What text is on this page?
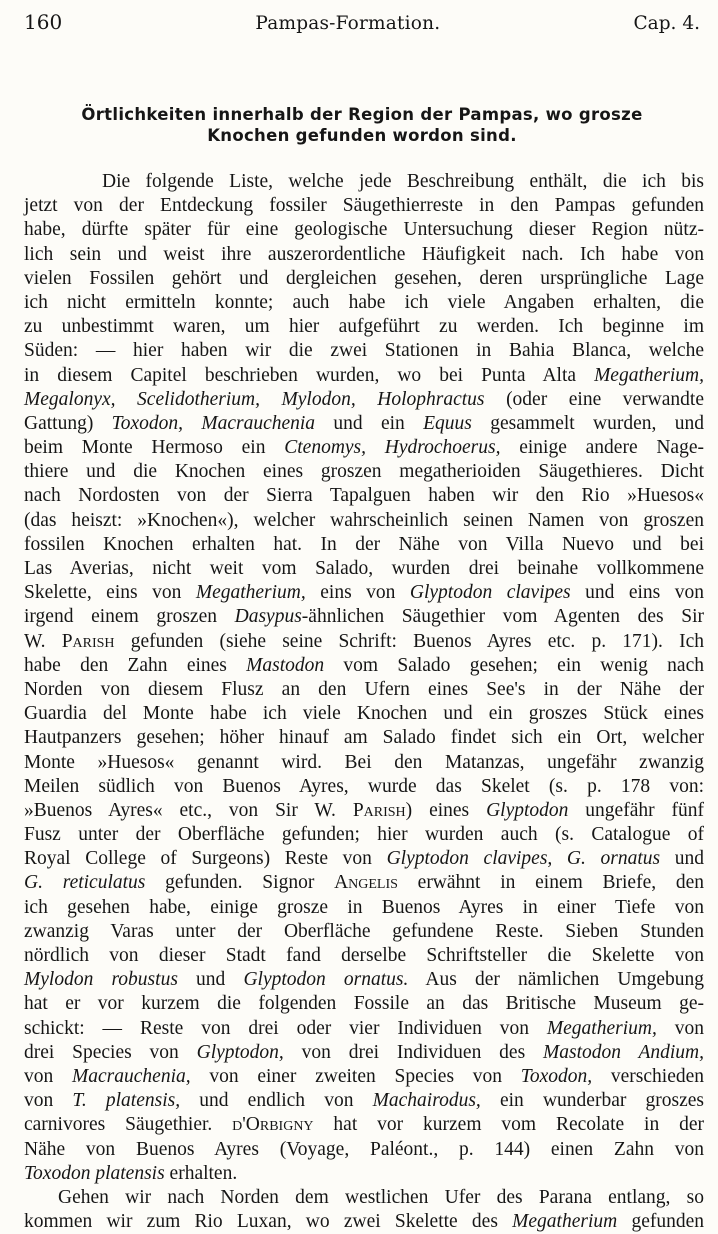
160	Pampas-Formation.	Cap. 4.
Örtlichkeiten innerhalb der Region der Pampas, wo grosze
Knochen gefunden wordon sind.
Die folgende Liste, welche jede Beschreibung enthält, die ich bis
jetzt von der Entdeckung fossiler Säugethierreste in den Pampas gefunden
habe, dürfte später für eine geologische Untersuchung dieser Region nütz-
lich sein und weist ihre auszerordentliche Häufigkeit nach. Ich habe von
vielen Fossilen gehört und dergleichen gesehen, deren ursprüngliche Lage
ich nicht ermitteln konnte; auch habe ich viele Angaben erhalten, die
zu unbestimmt waren, um hier aufgeführt zu werden. Ich beginne im
Süden: — hier haben wir die zwei Stationen in Bahia Blanca, welche
in diesem Capitel beschrieben wurden, wo bei Punta Alta Megatherium,
Megalonyx, Scelidotherium, Mylodon, Holophractus (oder eine verwandte
Gattung) Toxodon, Macrauchenia und ein Equus gesammelt wurden, und
beim Monte Hermoso ein Ctenomys, Hydrochoerus, einige andere Nage-
thiere und die Knochen eines groszen megatherioiden Säugethieres. Dicht
nach Nordosten von der Sierra Tapalguen haben wir den Rio »Huesos«
(das heiszt: »Knochen«), welcher wahrscheinlich seinen Namen von groszen
fossilen Knochen erhalten hat. In der Nähe von Villa Nuevo und bei
Las Averias, nicht weit vom Salado, wurden drei beinahe vollkommene
Skelette, eins von Megatherium, eins von Glyptodon clavipes und eins von
irgend einem groszen Dasypus-ähnlichen Säugethier vom Agenten des Sir
W. Parish gefunden (siehe seine Schrift: Buenos Ayres etc. p. 171). Ich
habe den Zahn eines Mastodon vom Salado gesehen; ein wenig nach
Norden von diesem Flusz an den Ufern eines See's in der Nähe der
Guardia del Monte habe ich viele Knochen und ein groszes Stück eines
Hautpanzers gesehen; höher hinauf am Salado findet sich ein Ort, welcher
Monte »Huesos« genannt wird. Bei den Matanzas, ungefähr zwanzig
Meilen südlich von Buenos Ayres, wurde das Skelet (s. p. 178 von:
»Buenos Ayres« etc., von Sir W. Parish) eines Glyptodon ungefähr fünf
Fusz unter der Oberfläche gefunden; hier wurden auch (s. Catalogue of
Royal College of Surgeons) Reste von Glyptodon clavipes, G. ornatus und
G. reticulatus gefunden. Signor Angelis erwähnt in einem Briefe, den
ich gesehen habe, einige grosze in Buenos Ayres in einer Tiefe von
zwanzig Varas unter der Oberfläche gefundene Reste. Sieben Stunden
nördlich von dieser Stadt fand derselbe Schriftsteller die Skelette von
Mylodon robustus und Glyptodon ornatus. Aus der nämlichen Umgebung
hat er vor kurzem die folgenden Fossile an das Britische Museum ge-
schickt: — Reste von drei oder vier Individuen von Megatherium, von
drei Species von Glyptodon, von drei Individuen des Mastodon Andium,
von Macrauchenia, von einer zweiten Species von Toxodon, verschieden
von T. platensis, und endlich von Machairodus, ein wunderbar groszes
carnivores Säugethier. d'Orbigny hat vor kurzem vom Recolate in der
Nähe von Buenos Ayres (Voyage, Paléont., p. 144) einen Zahn von
Toxodon platensis erhalten.
Gehen wir nach Norden dem westlichen Ufer des Parana entlang, so
kommen wir zum Rio Luxan, wo zwei Skelette des Megatherium gefunden
